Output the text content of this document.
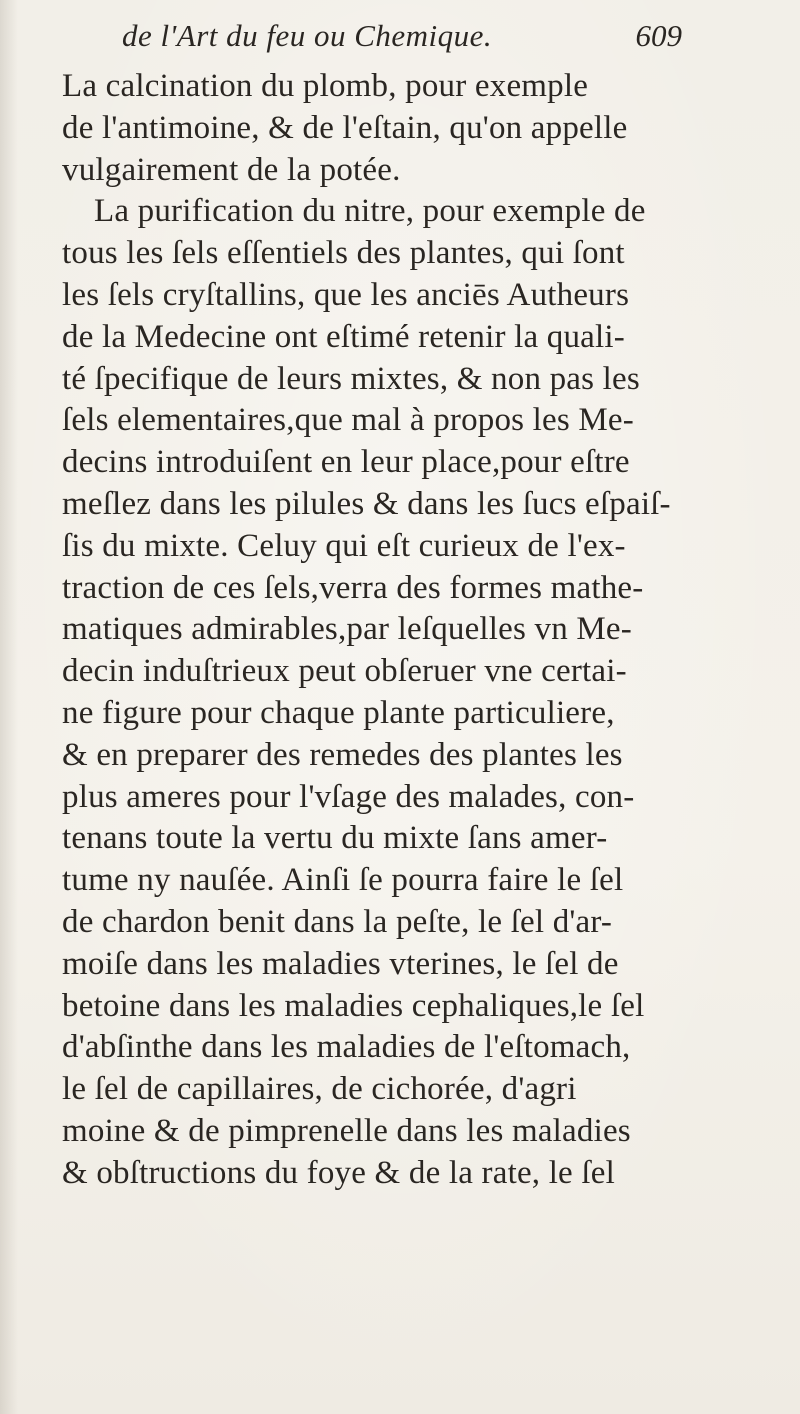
de l'Art du feu ou Chemique.	609
La calcination du plomb, pour exemple
de l'antimoine, & de l'eſtain, qu'on appelle
vulgairement de la potée.
La purification du nitre, pour exemple de
tous les ſels eſſentiels des plantes, qui ſont
les ſels cryſtallins, que les anciēs Autheurs
de la Medecine ont eſtimé retenir la quali-
té ſpecifique de leurs mixtes, & non pas les
ſels elementaires,que mal à propos les Me-
decins introduiſent en leur place,pour eſtre
meſlez dans les pilules & dans les ſucs eſpaiſ-
ſis du mixte. Celuy qui eſt curieux de l'ex-
traction de ces ſels,verra des formes mathe-
matiques admirables,par leſquelles vn Me-
decin induſtrieux peut obſeruer vne certai-
ne figure pour chaque plante particuliere,
& en preparer des remedes des plantes les
plus ameres pour l'vſage des malades, con-
tenans toute la vertu du mixte ſans amer-
tume ny nauſée. Ainſi ſe pourra faire le ſel
de chardon benit dans la peſte, le ſel d'ar-
moiſe dans les maladies vterines, le ſel de
betoine dans les maladies cephaliques,le ſel
d'abſinthe dans les maladies de l'eſtomach,
le ſel de capillaires, de cichorée, d'agri
moine & de pimprenelle dans les maladies
& obſtructions du foye & de la rate, le ſel
